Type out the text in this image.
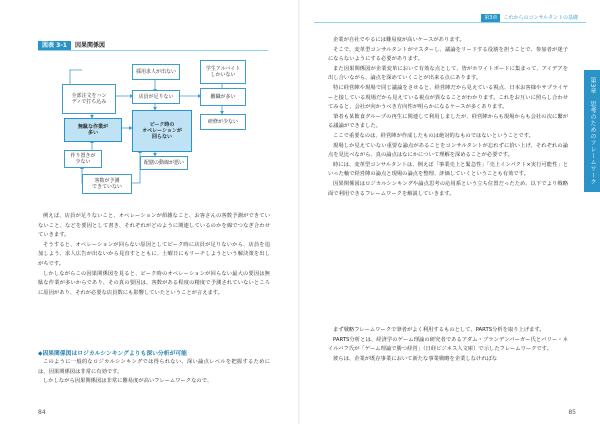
図表 3-1 因果関係図
採用求人が出ない
店員が足りない
学生アルバイト
しかいない
離職が多い
研修が少ない
全部注文をハン
ディで打ち込み
無駄な作業が
多い
ピーク時の
オペレーションが
回らない
配膳の動線が悪い
作り置きが
少ない
客数が予測
できていない

例えば、店員が足りないこと、オペレーションが煩雑なこと、お客さんの客数予測ができていないこと、などを要因として書き、それぞれがどのように関連しているのかを線でつなぎ合わせていきます。

そうすると、オペレーションが回らない原因としてピーク時に店員が足りないから、店員を追加しよう、求人広告が出ないから見直すとともに、土曜日にもリーチしようという解決策を出しがちです。

しかしながらこの因果関係図を見ると、ピーク時のオペレーションが回らない最大の要因は無駄な作業が多いからであり、その真の要因は、客数がある程度の精度で予測されていないところに原因があり、それが必要な店員数にも影響していたということが言えます。

◆因果関係図はロジカルシンキングよりも深い分析が可能

このように一般的なロジカルシンキングでは得られない、深い論点レベルを把握するためには、因果関係図は非常に有効です。

しかしながら因果関係図は非常に難易度が高いフレームワークなので、

84
第3章 これからのコンサルタントの基礎
第3章　思考のためのフレームワーク

企業が自社でやるには難易度が高いケースがあります。

そこで、変革型コンサルタントがマスターし、議論をリードする役割を担うことで、参加者が迷子にならないようにする必要があります。

また因果関係図が企業変革において有効な点として、皆がホワイトボードに集まって、アイデアを出し合いながら、論点を深めていくことが出来る点にあります。

特に経営陣や現場で同じ議論をさせると、経営陣だから見えている視点、日本お客様やサプライヤーと接している現場だから見えている視点が異なることがわかります。これをお互いに照らし合わせてみると、会社が向かうべき方向性が明らかになるケースが多くあります。

筆者も某飲食グループの再生に関連して利用しましたが、経営陣からも現場からも会社の次に繋がる議論ができました。

ここで重要なのは、経営陣が作成したものは絶対的なものではないということです。

現場しか見えていない重要な論点があることをコンサルタントが忘れずに拾い上げ、それぞれの論点を見比べながら、真の論点はなにかについて理解を深めることが必要です。

時には、変革型コンサルタントは、例えば「事業売上と緊急性」「売上インパクト×実行可能性」といった軸で経営陣の論点と現場の論点を整理、評価していくということも有効です。

因果関係図はロジカルシンキングや論点思考の応用系という立ち位置だったため、以下でより戦略面で利用できるフレームワークを解説していきます。

まず戦略フレームワークで筆者がよく利用するものとして、PARTS分析を取り上げます。

PARTS分析とは、経済学のゲーム理論の研究者であるアダム・ブランデンバーガー氏とバリー・ネイルバフ氏が「ゲーム理論で勝つ経営」（日経ビジネス人文庫）で示したフレームワークです。

彼らは、企業が既存事業において新たな事業戦略を企業しなければな

85
